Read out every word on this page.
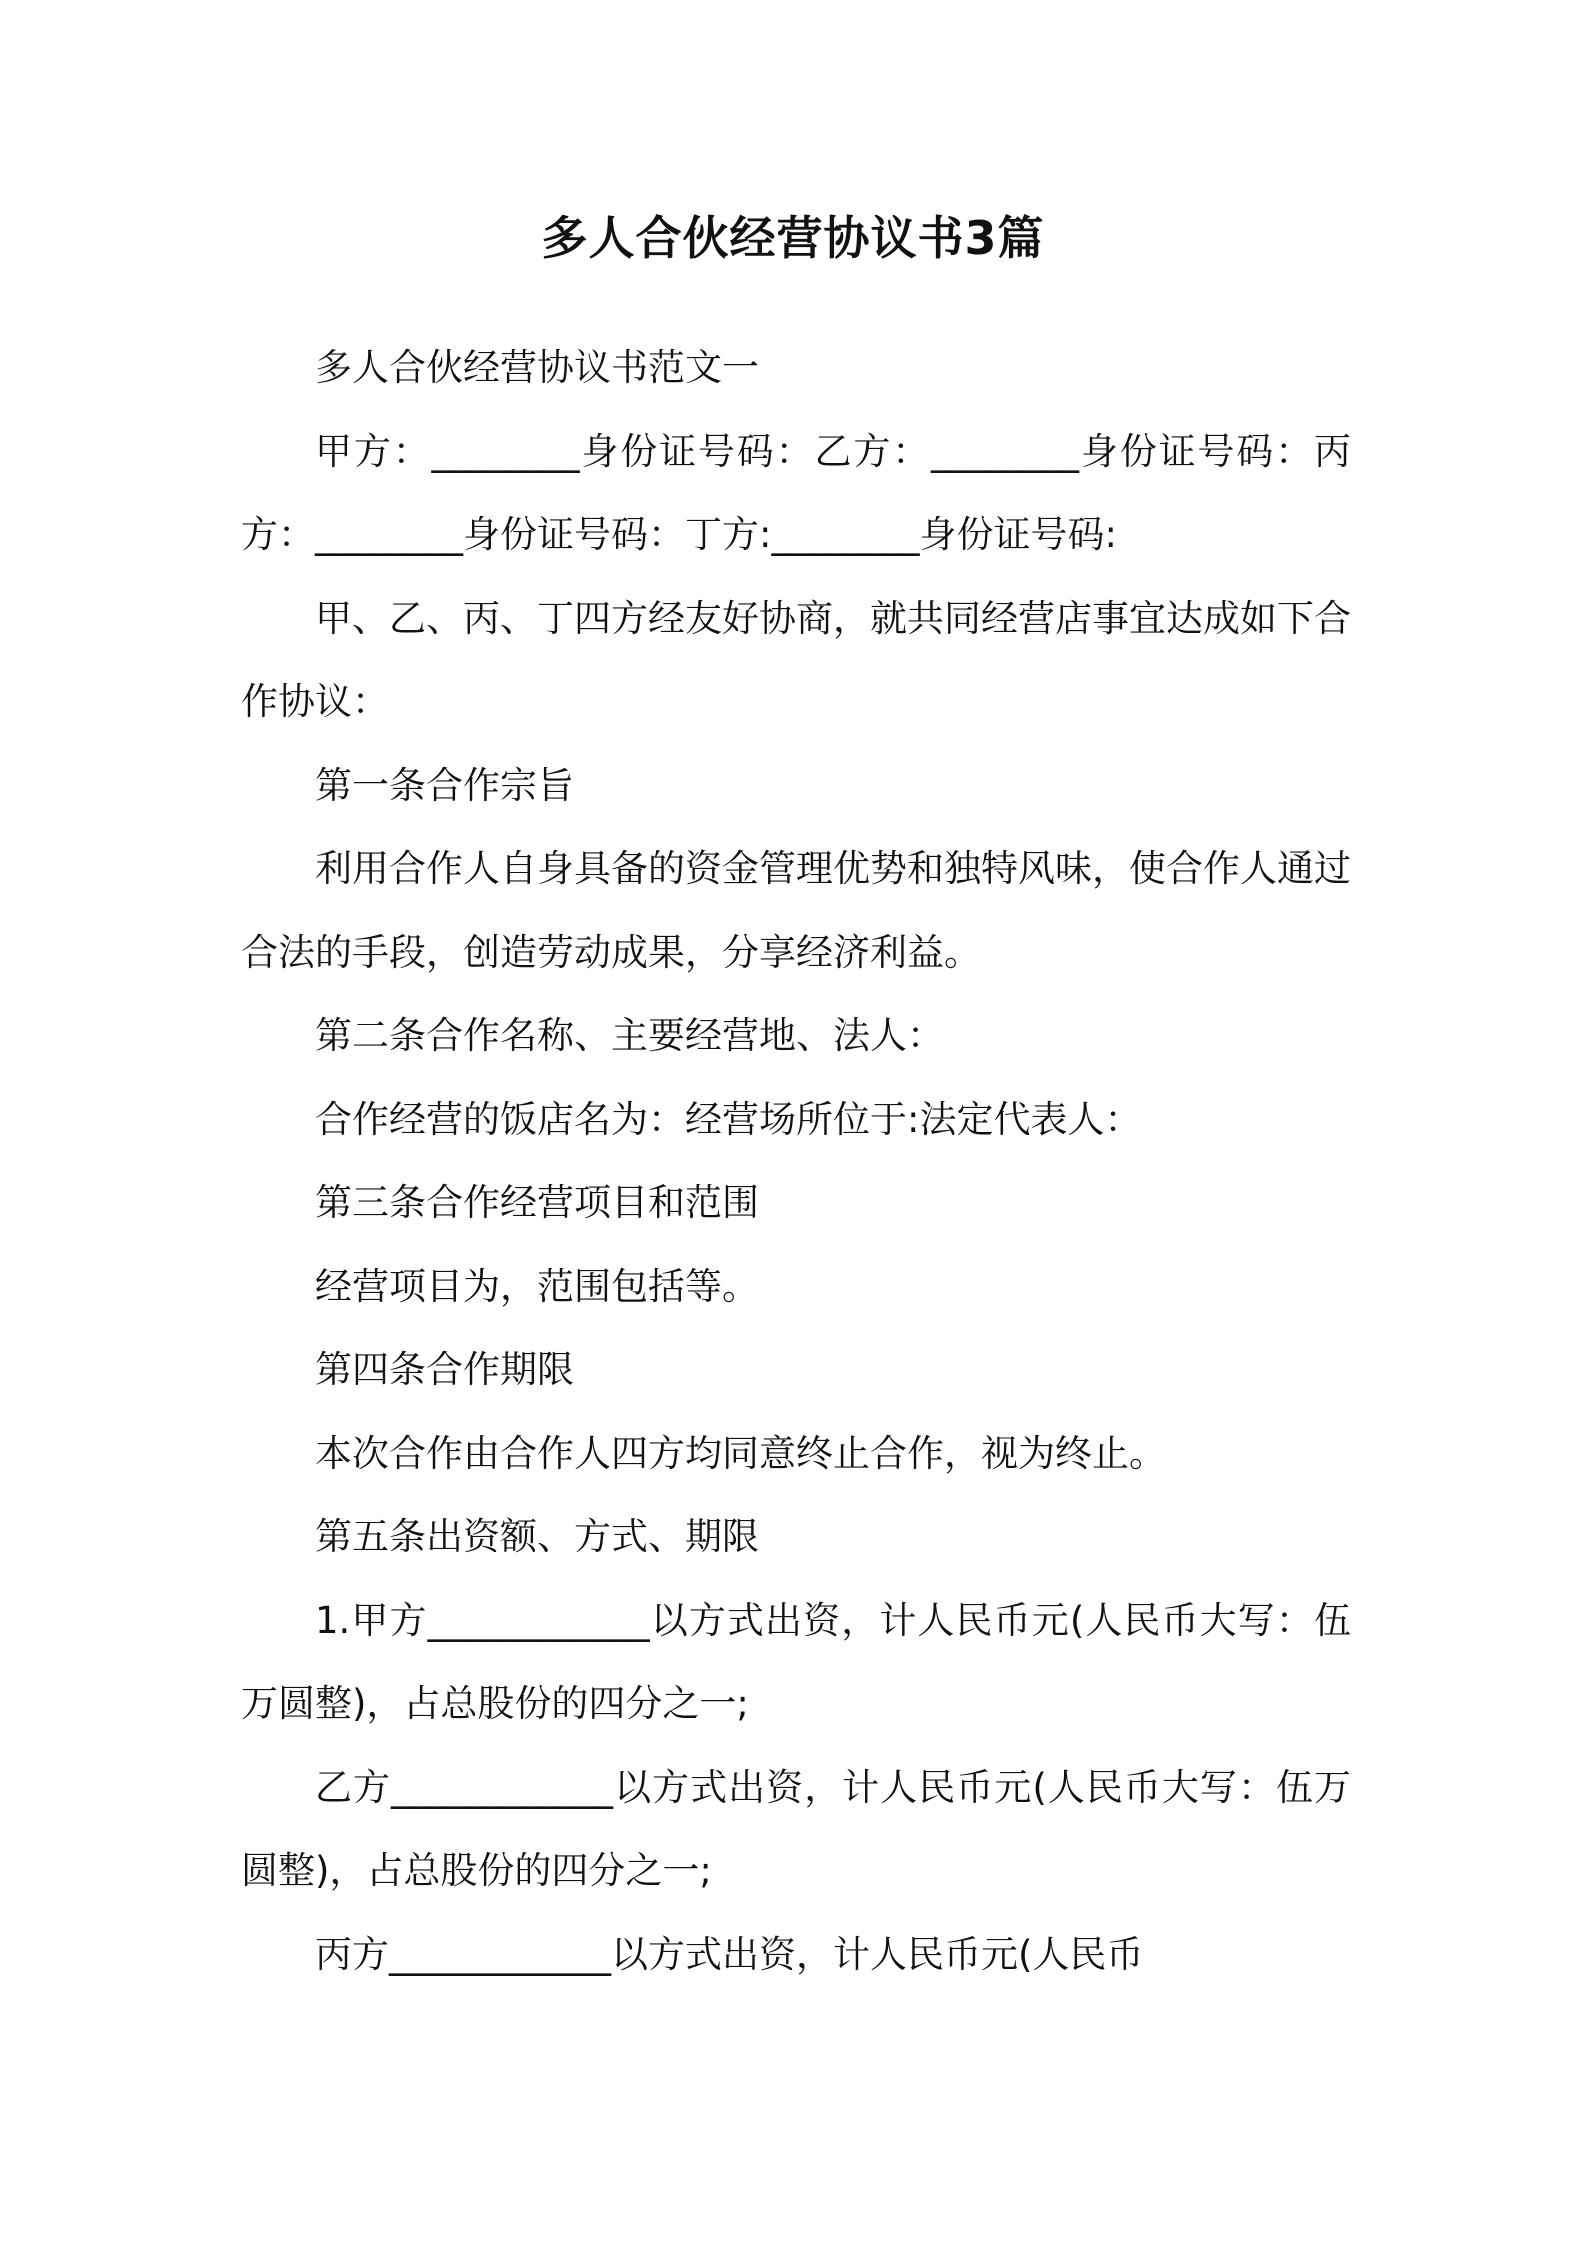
多人合伙经营协议书3篇

多人合伙经营协议书范文一

甲方：________身份证号码：乙方：________身份证号码：丙方：________身份证号码：丁方:________身份证号码:

甲、乙、丙、丁四方经友好协商，就共同经营店事宜达成如下合作协议：

第一条合作宗旨

利用合作人自身具备的资金管理优势和独特风味，使合作人通过合法的手段，创造劳动成果，分享经济利益。

第二条合作名称、主要经营地、法人：

合作经营的饭店名为：经营场所位于:法定代表人：

第三条合作经营项目和范围

经营项目为，范围包括等。

第四条合作期限

本次合作由合作人四方均同意终止合作，视为终止。

第五条出资额、方式、期限

1.甲方____________以方式出资，计人民币元(人民币大写：伍万圆整)，占总股份的四分之一;

乙方____________以方式出资，计人民币元(人民币大写：伍万圆整)，占总股份的四分之一;

丙方____________以方式出资，计人民币元(人民币
